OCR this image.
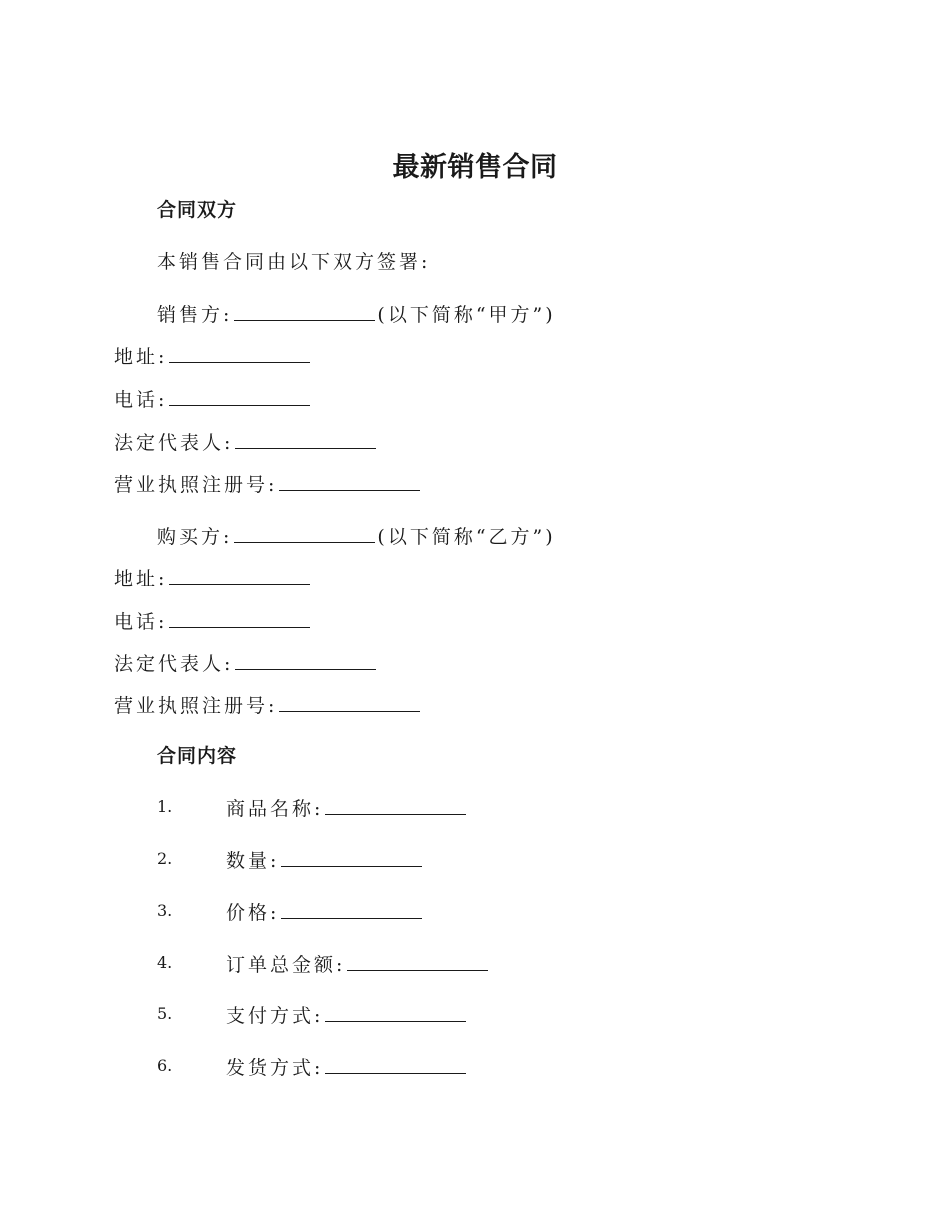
最新销售合同
合同双方
本销售合同由以下双方签署:
销售方:	(以下简称“甲方”)
地址:
电话:
法定代表人:
营业执照注册号:
购买方:	(以下简称“乙方”)
地址:
电话:
法定代表人:
营业执照注册号:
合同内容
1.	商品名称:
2.	数量:
3.	价格:
4.	订单总金额:
5.	支付方式:
6.	发货方式:
